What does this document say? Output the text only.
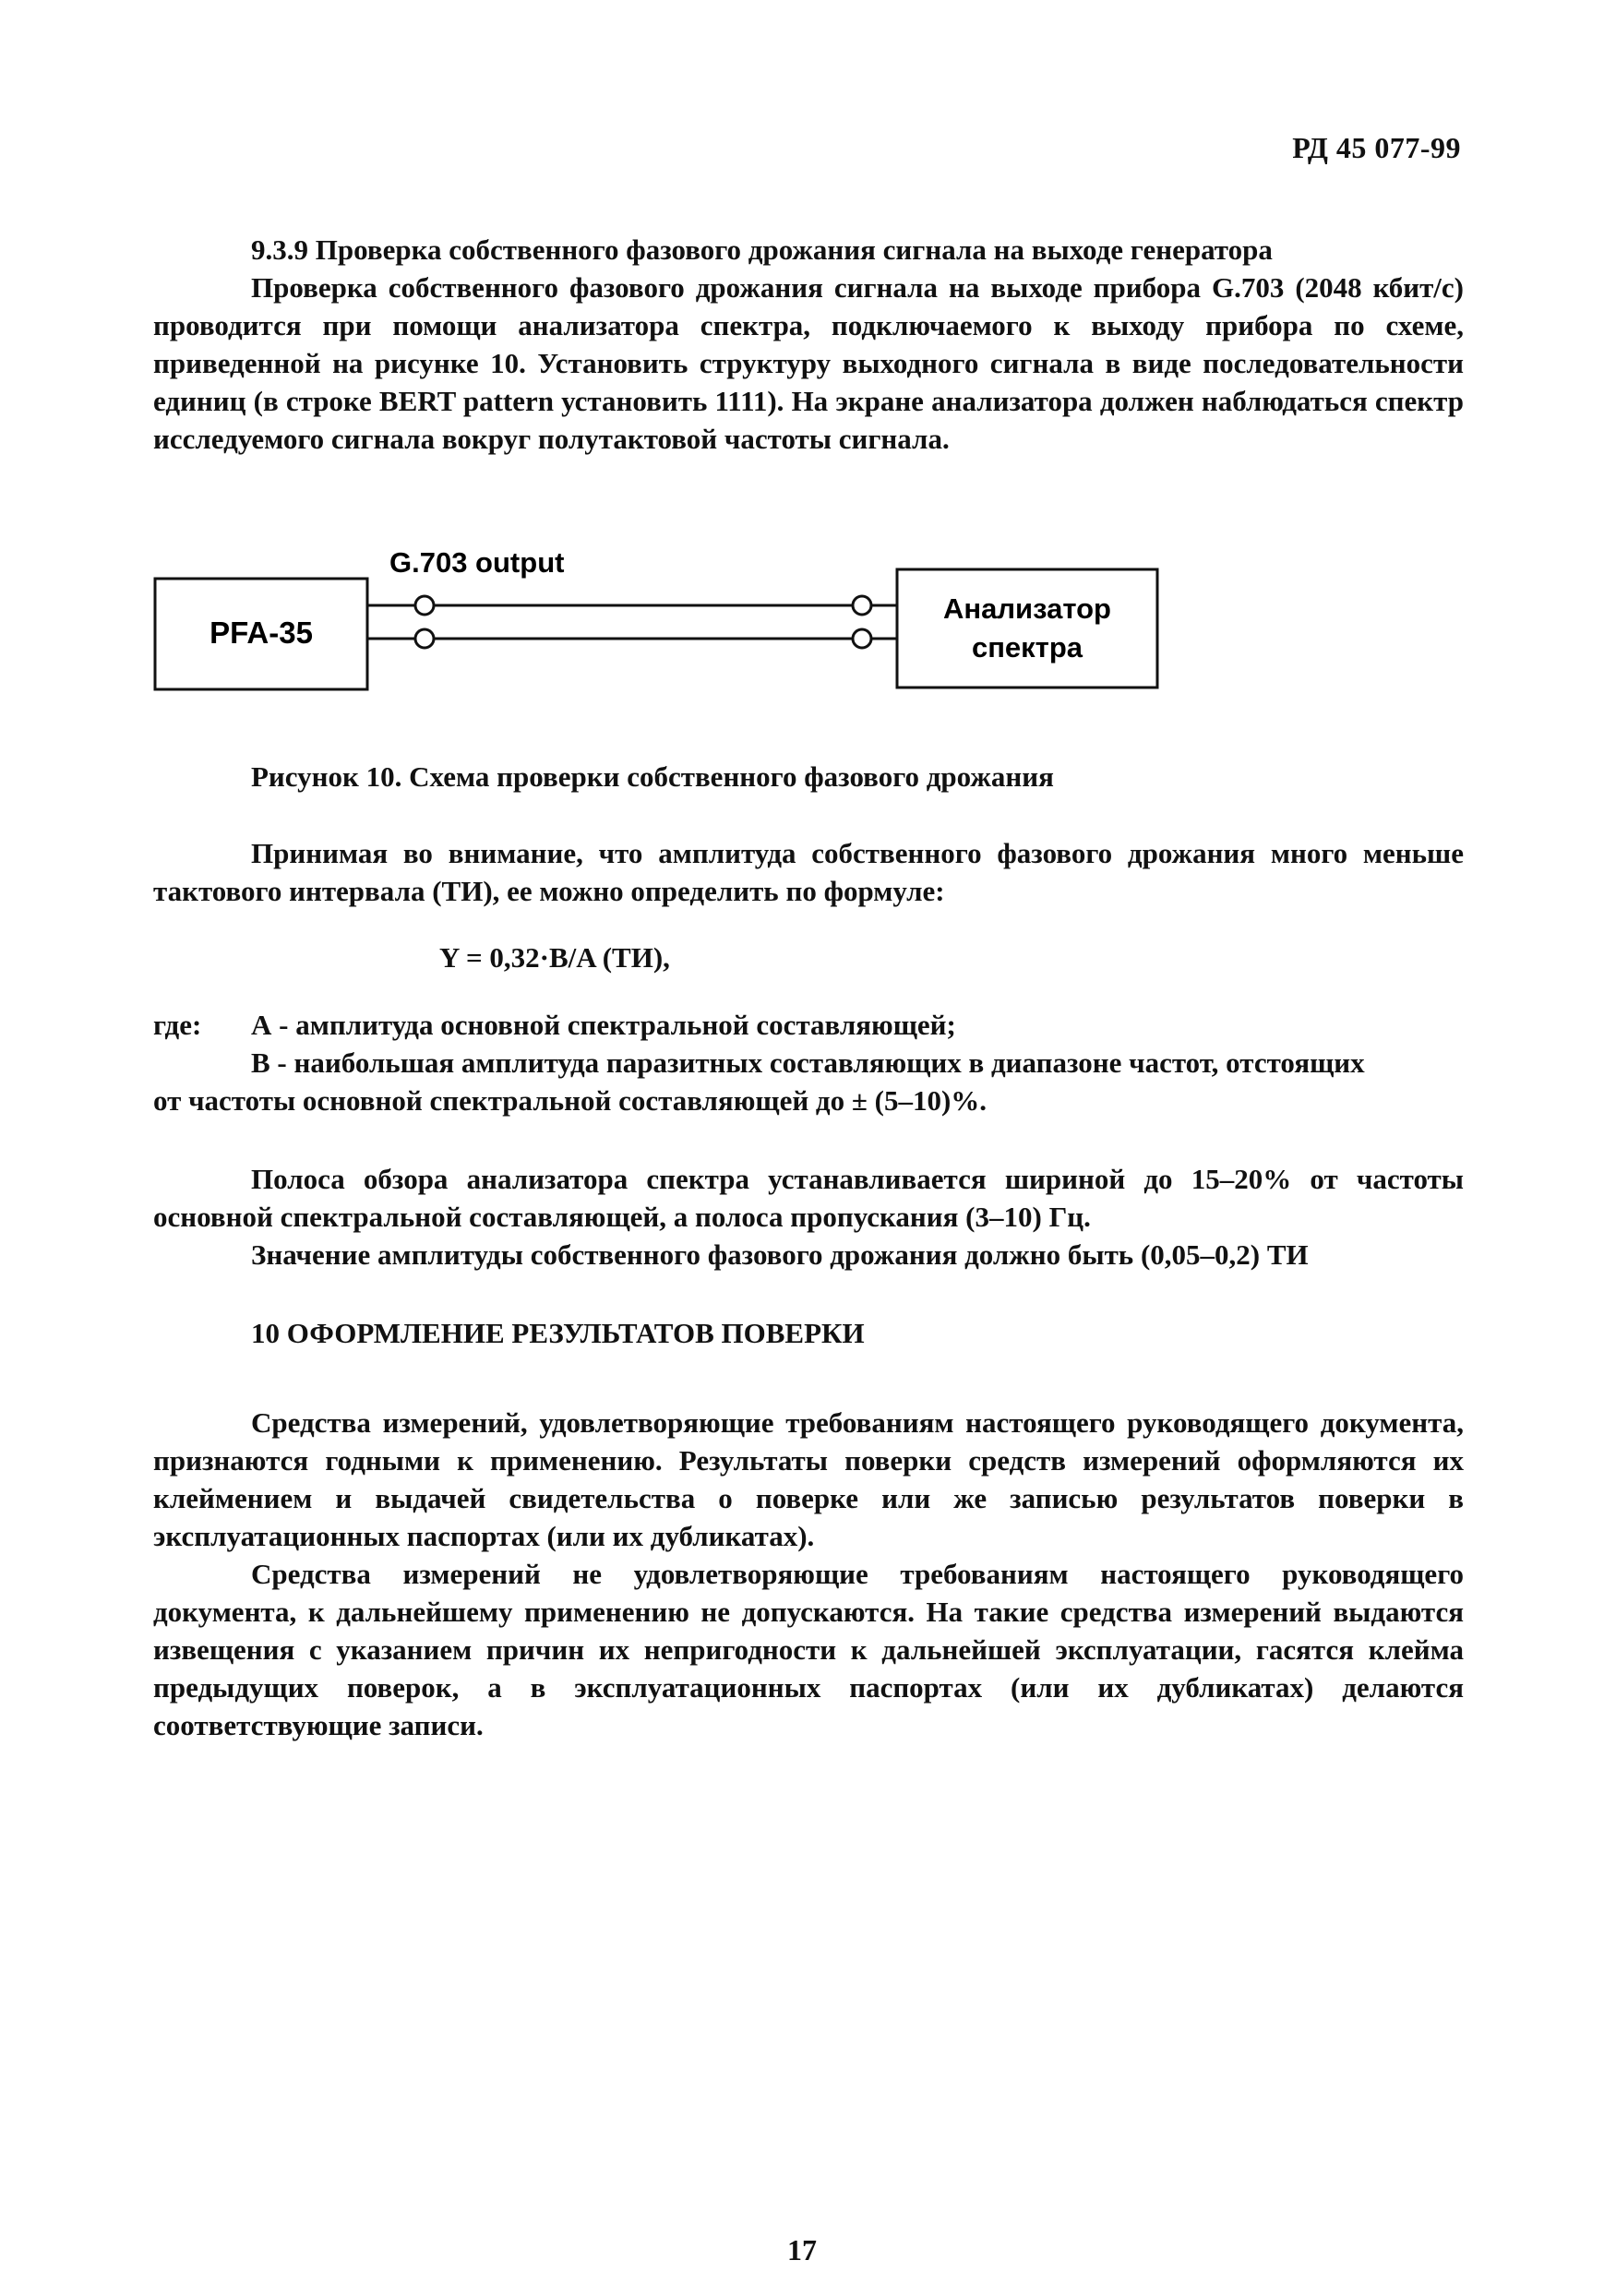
РД 45 077-99

9.3.9 Проверка собственного фазового дрожания сигнала на выходе генератора

Проверка собственного фазового дрожания сигнала на выходе прибора G.703 (2048 кбит/с) проводится при помощи анализатора спектра, подключаемого к выходу прибора по схеме, приведенной на рисунке 10. Установить структуру выходного сигнала в виде последовательности единиц (в строке BERT pattern установить 1111). На экране анализатора должен наблюдаться спектр исследуемого сигнала вокруг полутактовой частоты сигнала.

PFA-35
G.703 output
Анализатор
спектра
Рисунок 10. Схема проверки собственного фазового дрожания

Принимая во внимание, что амплитуда собственного фазового дрожания много меньше тактового интервала (ТИ), ее можно определить по формуле:

Y = 0,32·B/A (ТИ),
где:	А - амплитуда основной спектральной составляющей;
В - наибольшая амплитуда паразитных составляющих в диапазоне частот, отстоящих

от частоты основной спектральной составляющей до ± (5–10)%.

Полоса обзора анализатора спектра устанавливается шириной до 15–20% от частоты основной спектральной составляющей, а полоса пропускания (3–10) Гц.

Значение амплитуды собственного фазового дрожания должно быть (0,05–0,2) ТИ

10 ОФОРМЛЕНИЕ РЕЗУЛЬТАТОВ ПОВЕРКИ

Средства измерений, удовлетворяющие требованиям настоящего руководящего документа, признаются годными к применению. Результаты поверки средств измерений оформляются их клеймением и выдачей свидетельства о поверке или же записью результатов поверки в эксплуатационных паспортах (или их дубликатах).

Средства измерений не удовлетворяющие требованиям настоящего руководящего документа, к дальнейшему применению не допускаются. На такие средства измерений выдаются извещения с указанием причин их непригодности к дальнейшей эксплуатации, гасятся клейма предыдущих поверок, а в эксплуатационных паспортах (или их дубликатах) делаются соответствующие записи.

17
